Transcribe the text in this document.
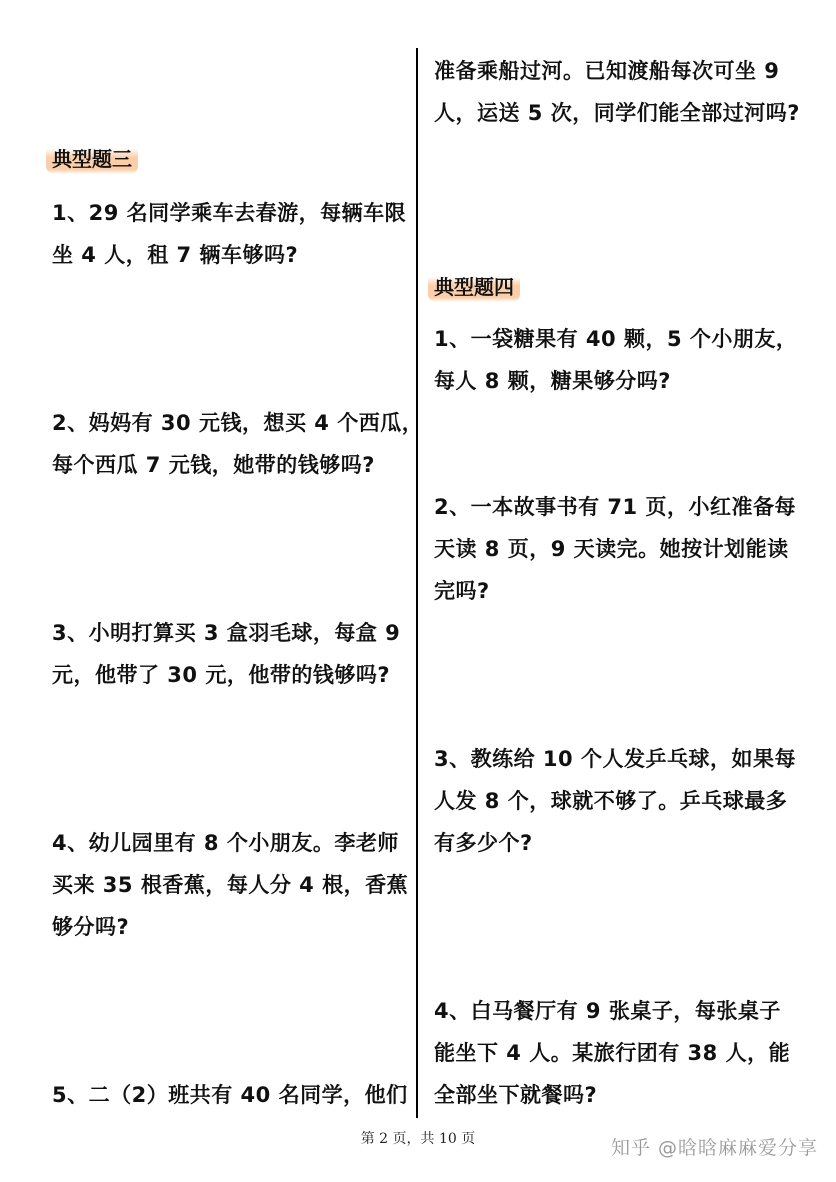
典型题三
1、29 名同学乘车去春游，每辆车限
坐 4 人，租 7 辆车够吗?
2、妈妈有 30 元钱，想买 4 个西瓜，
每个西瓜 7 元钱，她带的钱够吗?
3、小明打算买 3 盒羽毛球，每盒 9
元，他带了 30 元，他带的钱够吗?
4、幼儿园里有 8 个小朋友。李老师
买来 35 根香蕉，每人分 4 根，香蕉
够分吗?
5、二（2）班共有 40 名同学，他们
准备乘船过河。已知渡船每次可坐 9
人，运送 5 次，同学们能全部过河吗?
典型题四
1、一袋糖果有 40 颗，5 个小朋友，
每人 8 颗，糖果够分吗?
2、一本故事书有 71 页，小红准备每
天读 8 页，9 天读完。她按计划能读
完吗?
3、教练给 10 个人发乒乓球，如果每
人发 8 个，球就不够了。乒乓球最多
有多少个?
4、白马餐厅有 9 张桌子，每张桌子
能坐下 4 人。某旅行团有 38 人，能
全部坐下就餐吗?
第 2 页，共 10 页	知乎 @晗晗麻麻爱分享
